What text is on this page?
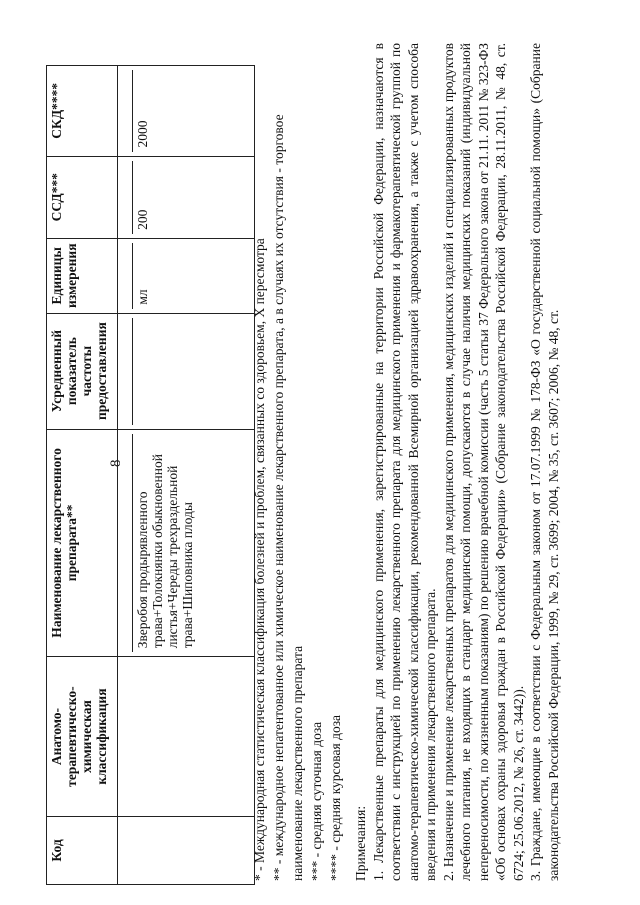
8
Код	Анатомо-терапевтическо-химическая классификация	Наименование лекарственного препарата**	Усредненный показатель частоты предоставления	Единицы измерения	ССД***	СКД****

		Зверобоя продырявленного трава+Толокнянки обыкновенной листья+Череды трехраздельной трава+Шиповника плоды		мл	200	2000

* - Международная статистическая классификация болезней и проблем, связанных со здоровьем, X пересмотра ** - международное непатентованное или химическое наименование лекарственного препарата, а в случаях их отсутствия - торговое наименование лекарственного препарата *** - средняя суточная доза **** - средняя курсовая доза Примечания: 1. Лекарственные препараты для медицинского применения, зарегистрированные на территории Российской Федерации, назначаются в соответствии с инструкцией по применению лекарственного препарата для медицинского применения и фармакотерапевтической группой по анатомо-терапевтическо-химической классификации, рекомендованной Всемирной организацией здравоохранения, а также с учетом способа введения и применения лекарственного препарата. 2. Назначение и применение лекарственных препаратов для медицинского применения, медицинских изделий и специализированных продуктов лечебного питания, не входящих в стандарт медицинской помощи, допускаются в случае наличия медицинских показаний (индивидуальной непереносимости, по жизненным показаниям) по решению врачебной комиссии (часть 5 статьи 37 Федерального закона от 21.11. 2011 № 323-ФЗ «Об основах охраны здоровья граждан в Российской Федерации» (Собрание законодательства Российской Федерации, 28.11.2011, № 48, ст. 6724; 25.06.2012, № 26, ст. 3442)). 3. Граждане, имеющие в соответствии с Федеральным законом от 17.07.1999 № 178-ФЗ «О государственной социальной помощи» (Собрание законодательства Российской Федерации, 1999, № 29, ст. 3699; 2004, № 35, ст. 3607; 2006, № 48, ст.
